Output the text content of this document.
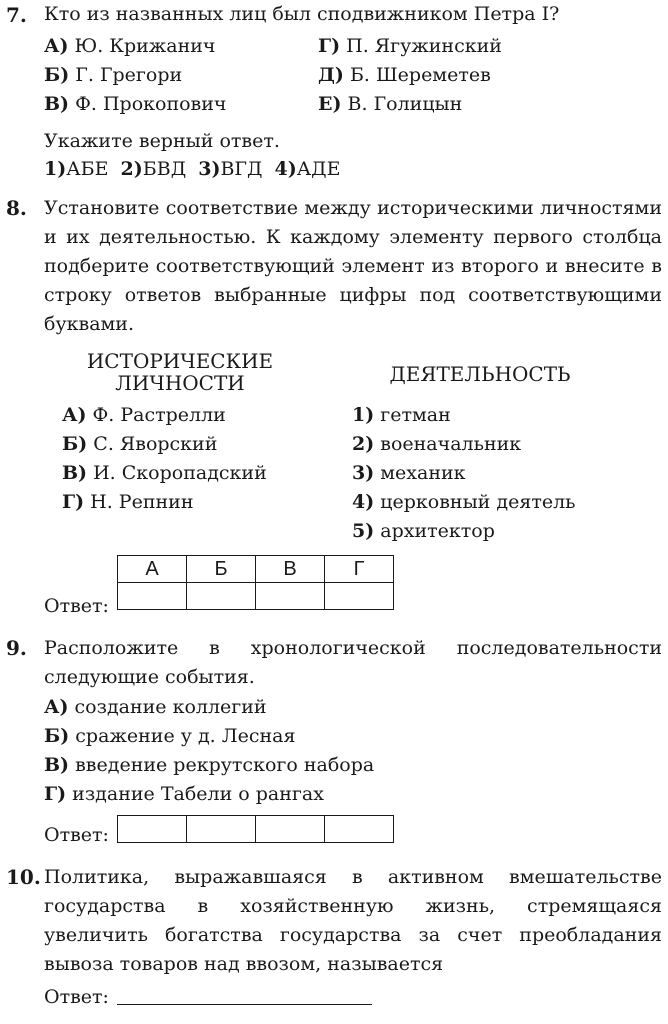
7. Кто из названных лиц был сподвижником Петра I?
А) Ю. Крижанич
Б) Г. Грегори
В) Ф. Прокопович
Г) П. Ягужинский
Д) Б. Шереметев
Е) В. Голицын
Укажите верный ответ.
1)АБЕ 2)БВД 3)ВГД 4)АДЕ
8. Установите соответствие между историческими личностями и их деятельностью. К каждому элементу первого столбца подберите соответствующий элемент из второго и внесите в строку ответов выбранные цифры под соответствующими буквами.
ИСТОРИЧЕСКИЕ
ЛИЧНОСТИ	ДЕЯТЕЛЬНОСТЬ
А) Ф. Растрелли
Б) С. Яворский
В) И. Скоропадский
Г) Н. Репнин
1) гетман
2) военачальник
3) механик
4) церковный деятель
5) архитектор
Ответ:
А	Б	В	Г

9. Расположите в хронологической последовательности следующие события.
А) создание коллегий
Б) сражение у д. Лесная
В) введение рекрутского набора
Г) издание Табели о рангах
Ответ:

10. Политика, выражавшаяся в активном вмешательстве государства в хозяйственную жизнь, стремящаяся увеличить богатства государства за счет преобладания вывоза товаров над ввозом, называется
Ответ:
